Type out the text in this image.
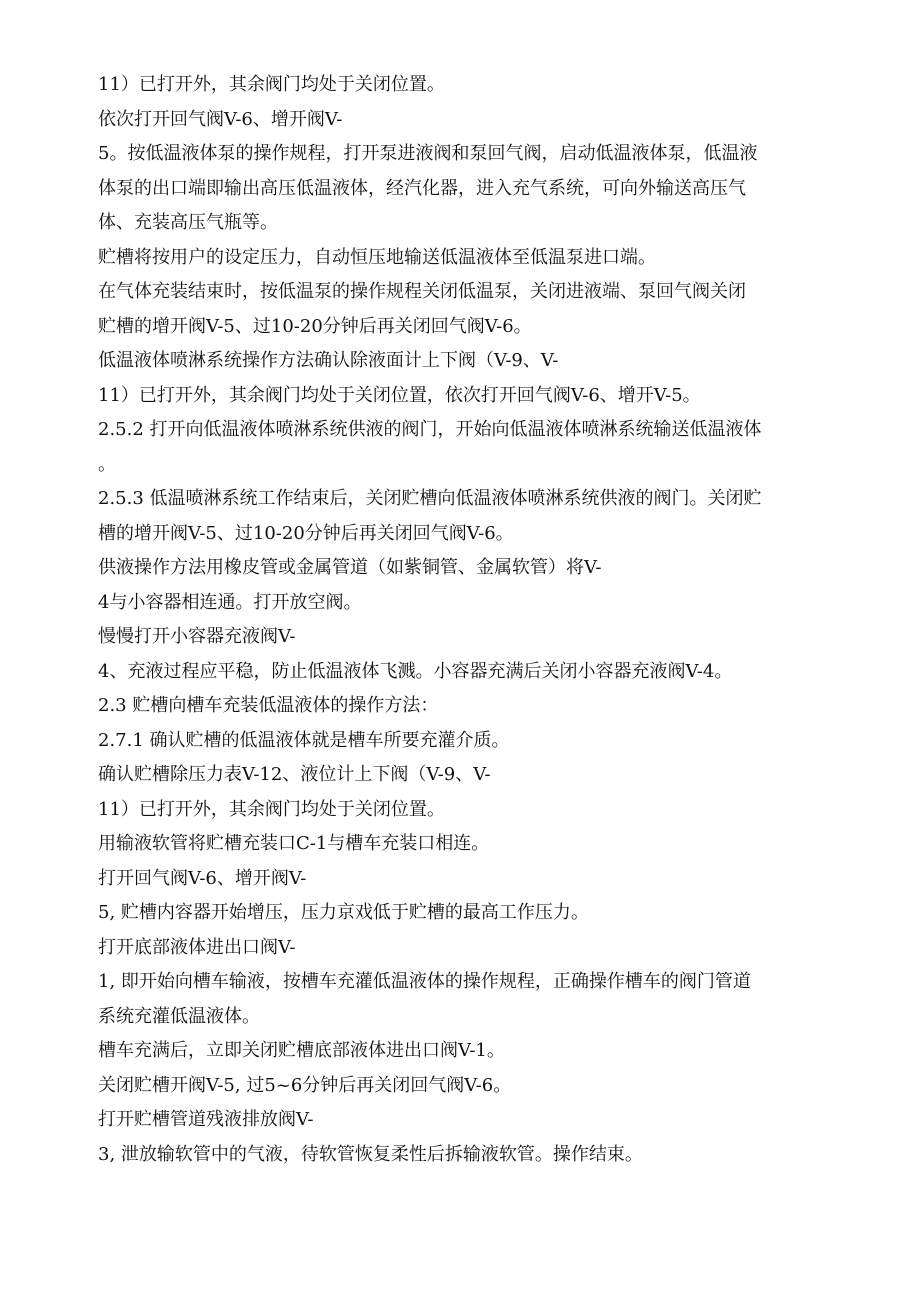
11）已打开外，其余阀门均处于关闭位置。

依次打开回气阀V-6、增开阀V-

5。按低温液体泵的操作规程，打开泵进液阀和泵回气阀，启动低温液体泵，低温液

体泵的出口端即输出高压低温液体，经汽化器，进入充气系统，可向外输送高压气

体、充装高压气瓶等。

贮槽将按用户的设定压力，自动恒压地输送低温液体至低温泵进口端。

在气体充装结束时，按低温泵的操作规程关闭低温泵，关闭进液端、泵回气阀关闭

贮槽的增开阀V-5、过10-20分钟后再关闭回气阀V-6。

低温液体喷淋系统操作方法确认除液面计上下阀（V-9、V-

11）已打开外，其余阀门均处于关闭位置，依次打开回气阀V-6、增开V-5。

2.5.2 打开向低温液体喷淋系统供液的阀门，开始向低温液体喷淋系统输送低温液体

。

2.5.3 低温喷淋系统工作结束后，关闭贮槽向低温液体喷淋系统供液的阀门。关闭贮

槽的增开阀V-5、过10-20分钟后再关闭回气阀V-6。

供液操作方法用橡皮管或金属管道（如紫铜管、金属软管）将V-

4与小容器相连通。打开放空阀。

慢慢打开小容器充液阀V-

4、充液过程应平稳，防止低温液体飞溅。小容器充满后关闭小容器充液阀V-4。

2.3 贮槽向槽车充装低温液体的操作方法：

2.7.1 确认贮槽的低温液体就是槽车所要充灌介质。

确认贮槽除压力表V-12、液位计上下阀（V-9、V-

11）已打开外，其余阀门均处于关闭位置。

用输液软管将贮槽充装口C-1与槽车充装口相连。

打开回气阀V-6、增开阀V-

5, 贮槽内容器开始增压，压力京戏低于贮槽的最高工作压力。

打开底部液体进出口阀V-

1, 即开始向槽车输液，按槽车充灌低温液体的操作规程，正确操作槽车的阀门管道

系统充灌低温液体。

槽车充满后，立即关闭贮槽底部液体进出口阀V-1。

关闭贮槽开阀V-5, 过5~6分钟后再关闭回气阀V-6。

打开贮槽管道残液排放阀V-

3, 泄放输软管中的气液，待软管恢复柔性后拆输液软管。操作结束。
